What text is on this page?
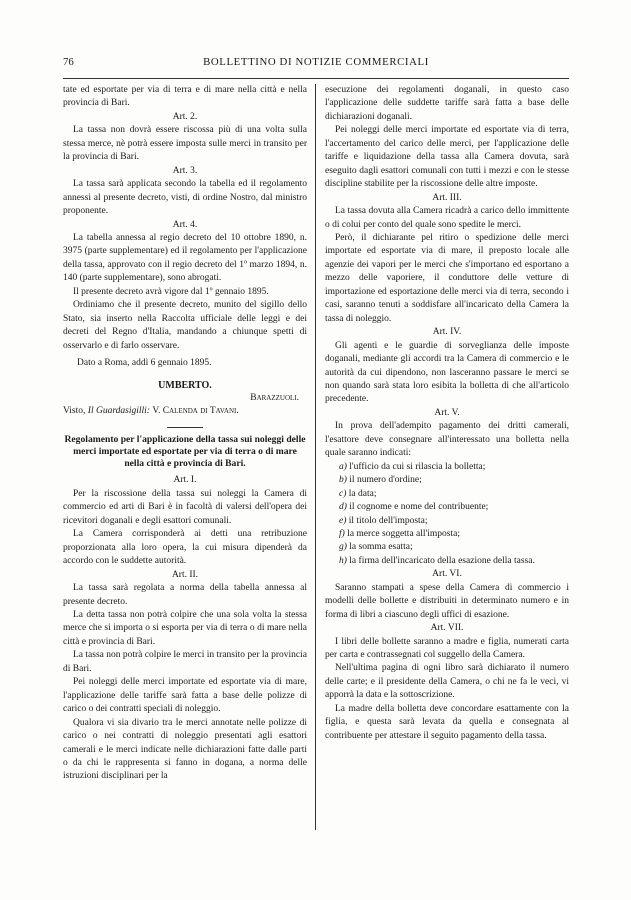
76	BOLLETTINO DI NOTIZIE COMMERCIALI

tate ed esportate per via di terra e di mare nella città e nella provincia di Bari.

Art. 2.

La tassa non dovrà essere riscossa più di una volta sulla stessa merce, nè potrà essere imposta sulle merci in transito per la provincia di Bari.

Art. 3.

La tassa sarà applicata secondo la tabella ed il regolamento annessi al presente decreto, visti, di ordine Nostro, dal ministro proponente.

Art. 4.

La tabella annessa al regio decreto del 10 ottobre 1890, n. 3975 (parte supplementare) ed il regolamento per l'applicazione della tassa, approvato con il regio decreto del 1º marzo 1894, n. 140 (parte supplementare), sono abrogati.

Il presente decreto avrà vigore dal 1º gennaio 1895.

Ordiniamo che il presente decreto, munito del sigillo dello Stato, sia inserto nella Raccolta ufficiale delle leggi e dei decreti del Regno d'Italia, mandando a chiunque spetti di osservarlo e di farlo osservare.

Dato a Roma, addì 6 gennaio 1895.

UMBERTO.

Barazzuoli.

Visto, Il Guardasigilli: V. Calenda di Tavani.

Regolamento per l'applicazione della tassa sui noleggi delle merci importate ed esportate per via di terra o di mare nella città e provincia di Bari.

Art. I.

Per la riscossione della tassa sui noleggi la Camera di commercio ed arti di Bari è in facoltà di valersi dell'opera dei ricevitori doganali e degli esattori comunali.

La Camera corrisponderà ai detti una retribuzione proporzionata alla loro opera, la cui misura dipenderà da accordo con le suddette autorità.

Art. II.

La tassa sarà regolata a norma della tabella annessa al presente decreto.

La detta tassa non potrà colpire che una sola volta la stessa merce che si importa o si esporta per via di terra o di mare nella città e provincia di Bari.

La tassa non potrà colpire le merci in transito per la provincia di Bari.

Pei noleggi delle merci importate ed esportate via di mare, l'applicazione delle tariffe sarà fatta a base delle polizze di carico o dei contratti speciali di noleggio.

Qualora vi sia divario tra le merci annotate nelle polizze di carico o nei contratti di noleggio presentati agli esattori camerali e le merci indicate nelle dichiarazioni fatte dalle parti o da chi le rappresenta si fanno in dogana, a norma delle istruzioni disciplinari per la

esecuzione dei regolamenti doganali, in questo caso l'applicazione delle suddette tariffe sarà fatta a base delle dichiarazioni doganali.

Pei noleggi delle merci importate ed esportate via di terra, l'accertamento del carico delle merci, per l'applicazione delle tariffe e liquidazione della tassa alla Camera dovuta, sarà eseguito dagli esattori comunali con tutti i mezzi e con le stesse discipline stabilite per la riscossione delle altre imposte.

Art. III.

La tassa dovuta alla Camera ricadrà a carico dello immittente o di colui per conto del quale sono spedite le merci.

Però, il dichiarante pel ritiro o spedizione delle merci importate ed esportate via di mare, il preposto locale alle agenzie dei vapori per le merci che s'importano ed esportano a mezzo delle vaporiere, il conduttore delle vetture di importazione ed esportazione delle merci via di terra, secondo i casi, saranno tenuti a soddisfare all'incaricato della Camera la tassa di noleggio.

Art. IV.

Gli agenti e le guardie di sorveglianza delle imposte doganali, mediante gli accordi tra la Camera di commercio e le autorità da cui dipendono, non lasceranno passare le merci se non quando sarà stata loro esibita la bolletta di che all'articolo precedente.

Art. V.

In prova dell'adempito pagamento dei dritti camerali, l'esattore deve consegnare all'interessato una bolletta nella quale saranno indicati:

a) l'ufficio da cui si rilascia la bolletta;

b) il numero d'ordine;

c) la data;

d) il cognome e nome del contribuente;

e) il titolo dell'imposta;

f) la merce soggetta all'imposta;

g) la somma esatta;

h) la firma dell'incaricato della esazione della tassa.

Art. VI.

Saranno stampati a spese della Camera di commercio i modelli delle bollette e distribuiti in determinato numero e in forma di libri a ciascuno degli uffici di esazione.

Art. VII.

I libri delle bollette saranno a madre e figlia, numerati carta per carta e contrassegnati col suggello della Camera.

Nell'ultima pagina di ogni libro sarà dichiarato il numero delle carte; e il presidente della Camera, o chi ne fa le veci, vi apporrà la data e la sottoscrizione.

La madre della bolletta deve concordare esattamente con la figlia, e questa sarà levata da quella e consegnata al contribuente per attestare il seguito pagamento della tassa.
